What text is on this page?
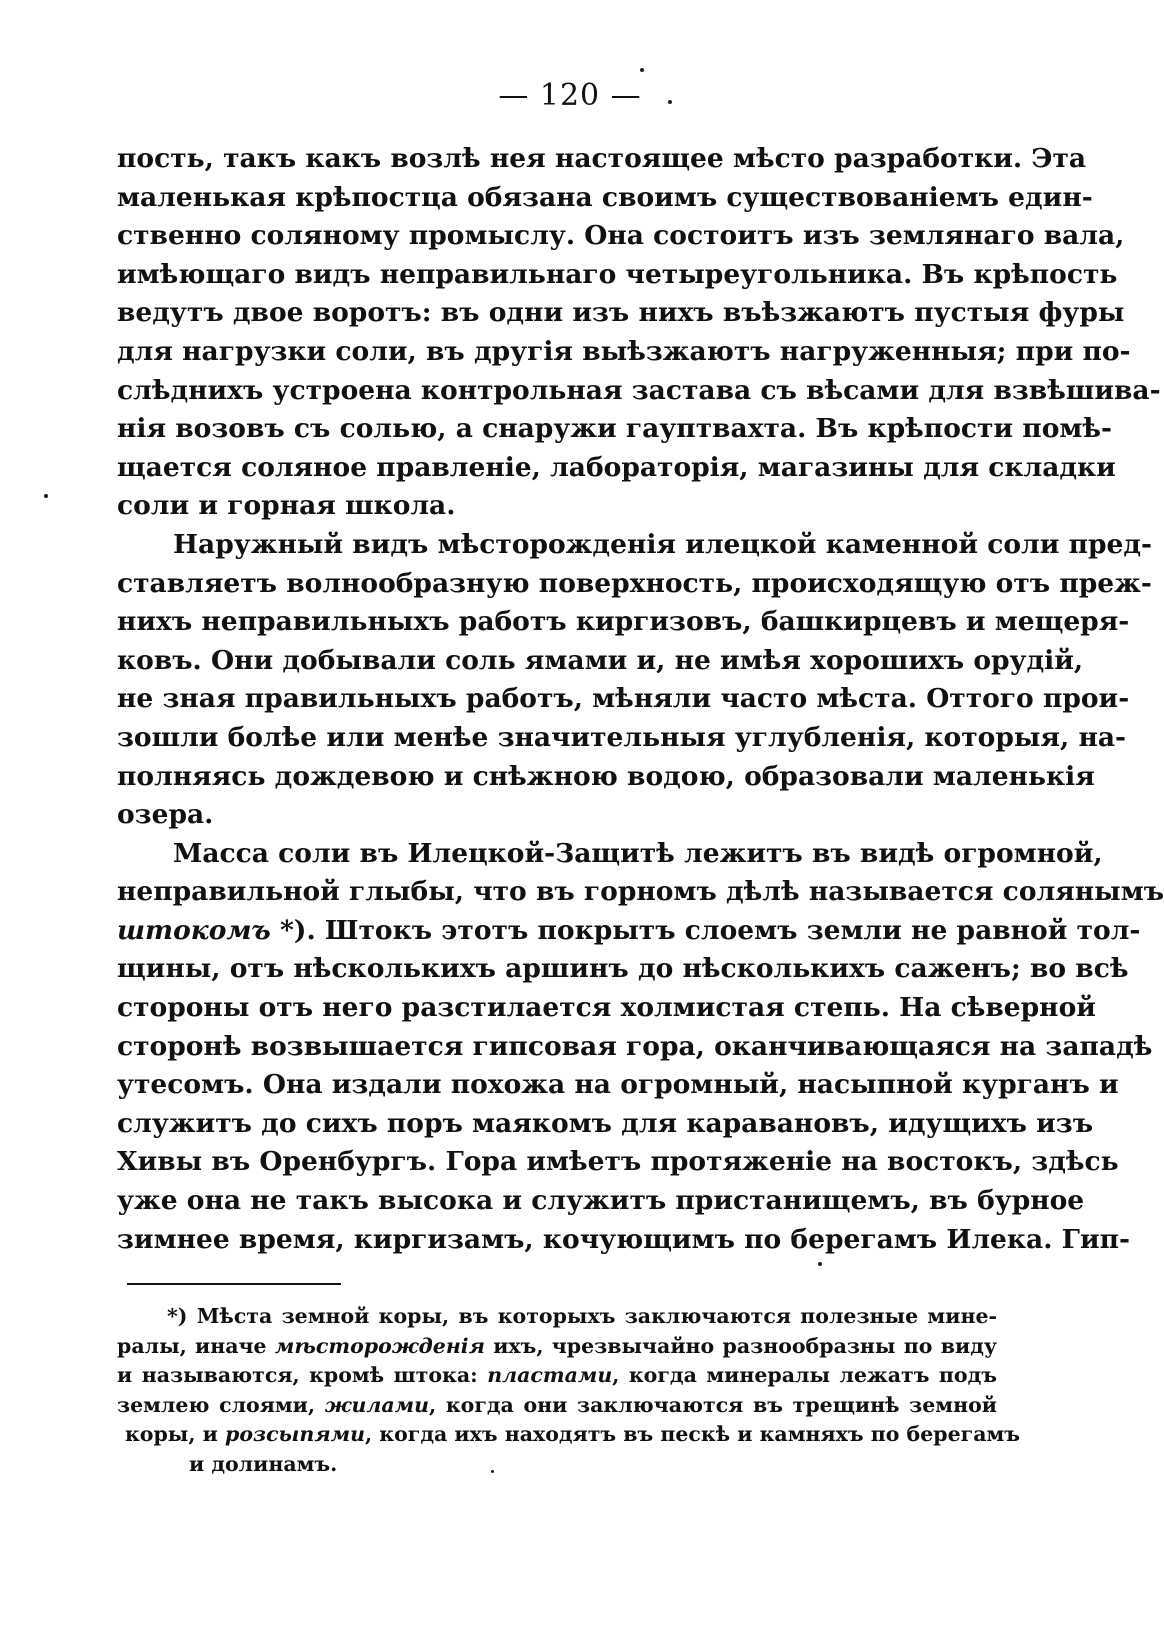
— 120 —
пость, такъ какъ возлѣ нея настоящее мѣсто разработки. Эта
маленькая крѣпостца обязана своимъ существованіемъ един-
ственно соляному промыслу. Она состоитъ изъ землянаго вала,
имѣющаго видъ неправильнаго четыреугольника. Въ крѣпость
ведутъ двое воротъ: въ одни изъ нихъ въѣзжаютъ пустыя фуры
для нагрузки соли, въ другія выѣзжаютъ нагруженныя; при по-
слѣднихъ устроена контрольная застава съ вѣсами для взвѣшива-
нія возовъ съ солью, а снаружи гауптвахта. Въ крѣпости помѣ-
щается соляное правленіе, лабораторія, магазины для складки
соли и горная школа.
Наружный видъ мѣсторожденія илецкой каменной соли пред-
ставляетъ волнообразную поверхность, происходящую отъ преж-
нихъ неправильныхъ работъ киргизовъ, башкирцевъ и мещеря-
ковъ. Они добывали соль ямами и, не имѣя хорошихъ орудій,
не зная правильныхъ работъ, мѣняли часто мѣста. Оттого прои-
зошли болѣе или менѣе значительныя углубленія, которыя, на-
полняясь дождевою и снѣжною водою, образовали маленькія
озера.
Масса соли въ Илецкой-Защитѣ лежитъ въ видѣ огромной,
неправильной глыбы, что въ горномъ дѣлѣ называется солянымъ
штокомъ *). Штокъ этотъ покрытъ слоемъ земли не равной тол-
щины, отъ нѣсколькихъ аршинъ до нѣсколькихъ саженъ; во всѣ
стороны отъ него разстилается холмистая степь. На сѣверной
сторонѣ возвышается гипсовая гора, оканчивающаяся на западѣ
утесомъ. Она издали похожа на огромный, насыпной курганъ и
служитъ до сихъ поръ маякомъ для каравановъ, идущихъ изъ
Хивы въ Оренбургъ. Гора имѣетъ протяженіе на востокъ, здѣсь
уже она не такъ высока и служитъ пристанищемъ, въ бурное
зимнее время, киргизамъ, кочующимъ по берегамъ Илека. Гип-
*) Мѣста земной коры, въ которыхъ заключаются полезные мине-
ралы, иначе мѣсторожденія ихъ, чрезвычайно разнообразны по виду
и называются, кромѣ штока: пластами, когда минералы лежатъ подъ
землею слоями, жилами, когда они заключаются въ трещинѣ земной
коры, и розсыпями, когда ихъ находятъ въ пескѣ и камняхъ по берегамъ
и долинамъ.
